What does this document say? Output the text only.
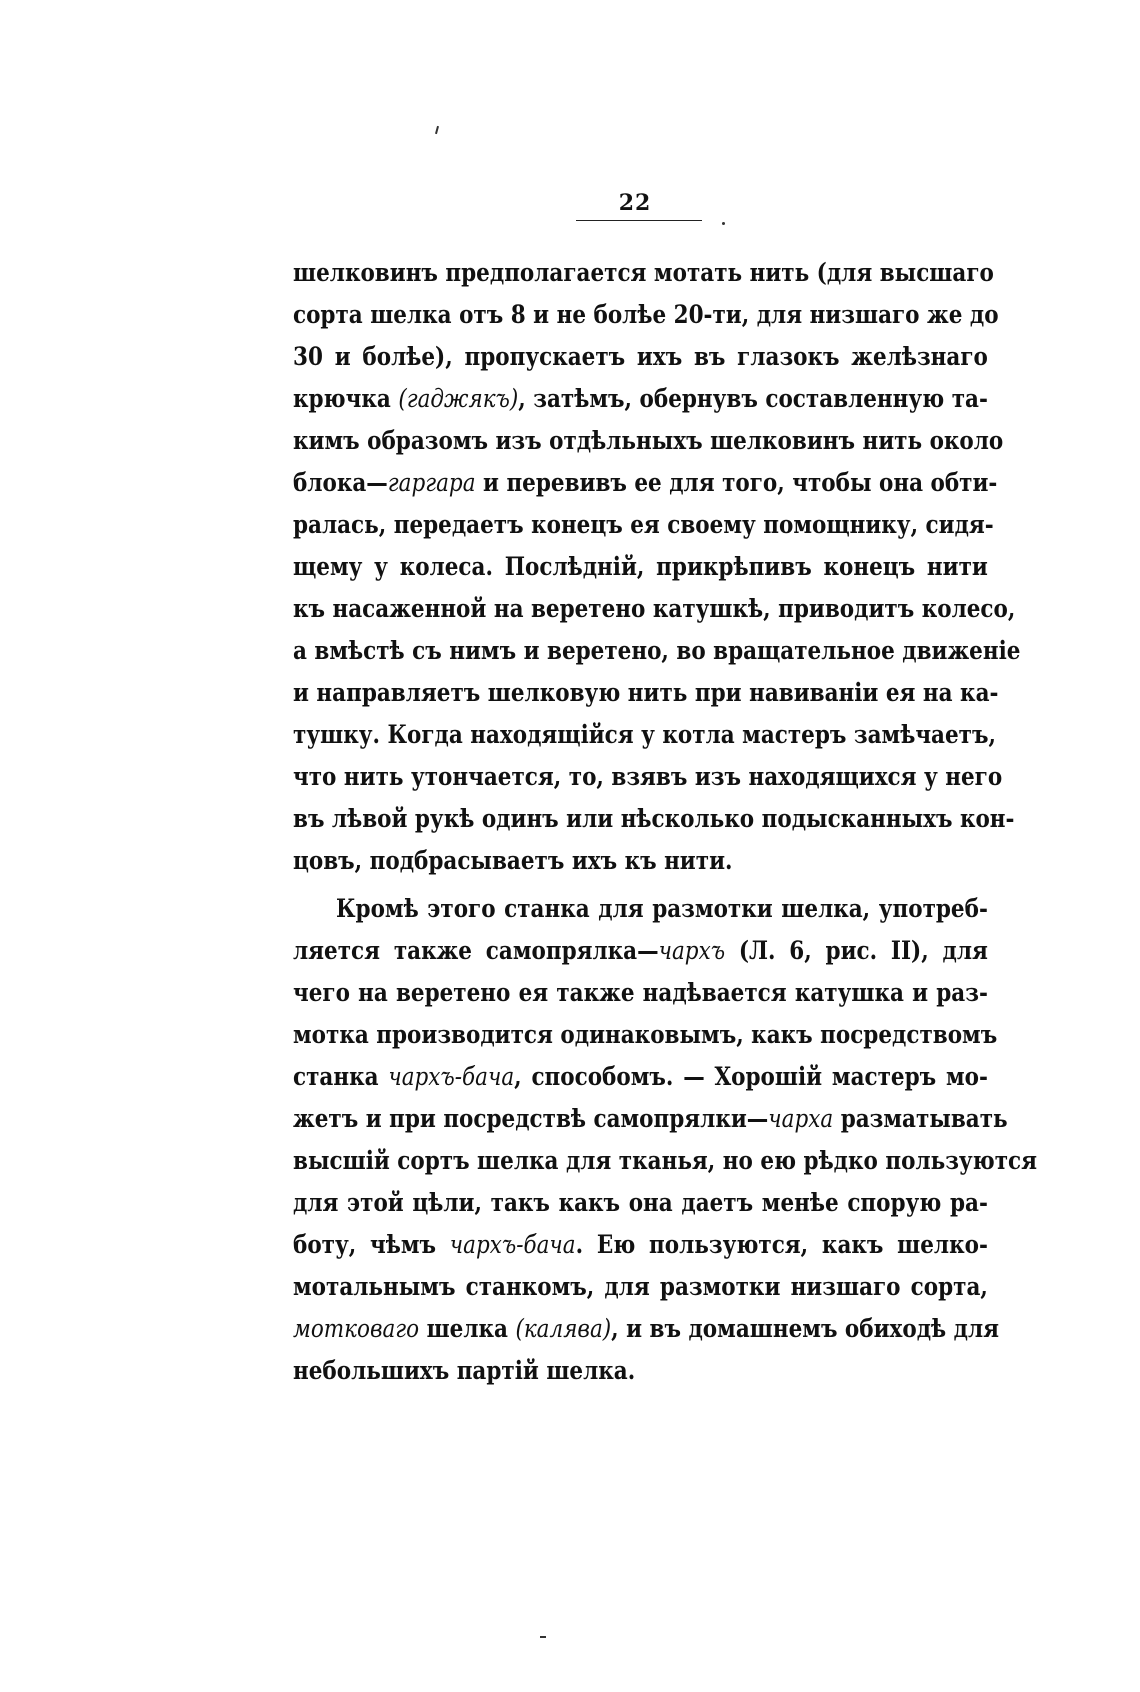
22
шелковинъ предполагается мотать нить (для высшаго
сорта шелка отъ 8 и не болѣе 20-ти, для низшаго же до
30 и болѣе), пропускаетъ ихъ въ глазокъ желѣзнаго
крючка (гаджякъ), затѣмъ, обернувъ составленную та-
кимъ образомъ изъ отдѣльныхъ шелковинъ нить около
блока—гаргара и перевивъ ее для того, чтобы она обти-
ралась, передаетъ конецъ ея своему помощнику, сидя-
щему у колеса. Послѣдній, прикрѣпивъ конецъ нити
къ насаженной на веретено катушкѣ, приводитъ колесо,
а вмѣстѣ съ нимъ и веретено, во вращательное движеніе
и направляетъ шелковую нить при навиваніи ея на ка-
тушку. Когда находящійся у котла мастеръ замѣчаетъ,
что нить утончается, то, взявъ изъ находящихся у него
въ лѣвой рукѣ одинъ или нѣсколько подысканныхъ кон-
цовъ, подбрасываетъ ихъ къ нити.
Кромѣ этого станка для размотки шелка, употреб-
ляется также самопрялка—чархъ (Л. 6, рис. II), для
чего на веретено ея также надѣвается катушка и раз-
мотка производится одинаковымъ, какъ посредствомъ
станка чархъ-бача, способомъ. — Хорошій мастеръ мо-
жетъ и при посредствѣ самопрялки—чарха разматывать
высшій сортъ шелка для тканья, но ею рѣдко пользуются
для этой цѣли, такъ какъ она даетъ менѣе спорую ра-
боту, чѣмъ чархъ-бача. Ею пользуются, какъ шелко-
мотальнымъ станкомъ, для размотки низшаго сорта,
мотковаго шелка (калява), и въ домашнемъ обиходѣ для
небольшихъ партій шелка.
